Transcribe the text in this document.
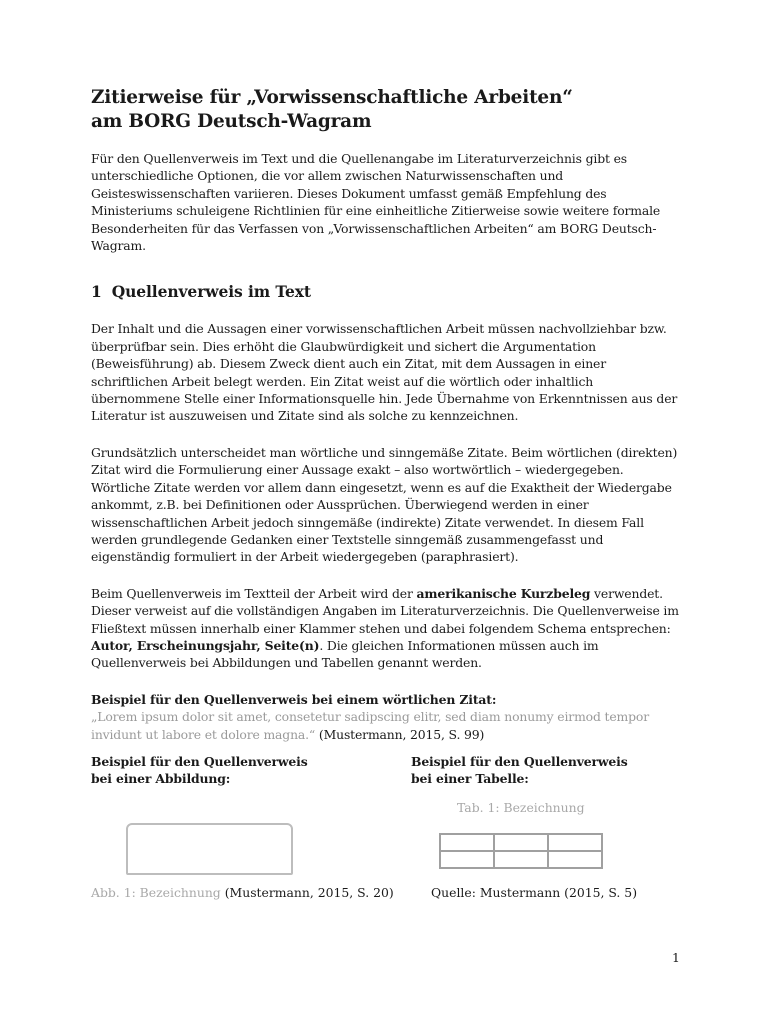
Zitierweise für „Vorwissenschaftliche Arbeiten“
am BORG Deutsch-Wagram

Für den Quellenverweis im Text und die Quellenangabe im Literaturverzeichnis gibt es unterschiedliche Optionen, die vor allem zwischen Naturwissenschaften und Geisteswissenschaften variieren. Dieses Dokument umfasst gemäß Empfehlung des Ministeriums schuleigene Richtlinien für eine einheitliche Zitierweise sowie weitere formale Besonderheiten für das Verfassen von „Vorwissenschaftlichen Arbeiten“ am BORG Deutsch-Wagram.

1 Quellenverweis im Text

Der Inhalt und die Aussagen einer vorwissenschaftlichen Arbeit müssen nachvollziehbar bzw. überprüfbar sein. Dies erhöht die Glaubwürdigkeit und sichert die Argumentation (Beweisführung) ab. Diesem Zweck dient auch ein Zitat, mit dem Aussagen in einer schriftlichen Arbeit belegt werden. Ein Zitat weist auf die wörtlich oder inhaltlich übernommene Stelle einer Informationsquelle hin. Jede Übernahme von Erkenntnissen aus der Literatur ist auszuweisen und Zitate sind als solche zu kennzeichnen.

Grundsätzlich unterscheidet man wörtliche und sinngemäße Zitate. Beim wörtlichen (direkten) Zitat wird die Formulierung einer Aussage exakt – also wortwörtlich – wiedergegeben. Wörtliche Zitate werden vor allem dann eingesetzt, wenn es auf die Exaktheit der Wiedergabe ankommt, z.B. bei Definitionen oder Aussprüchen. Überwiegend werden in einer wissenschaftlichen Arbeit jedoch sinngemäße (indirekte) Zitate verwendet. In diesem Fall werden grundlegende Gedanken einer Textstelle sinngemäß zusammengefasst und eigenständig formuliert in der Arbeit wiedergegeben (paraphrasiert).

Beim Quellenverweis im Textteil der Arbeit wird der amerikanische Kurzbeleg verwendet. Dieser verweist auf die vollständigen Angaben im Literaturverzeichnis. Die Quellenverweise im Fließtext müssen innerhalb einer Klammer stehen und dabei folgendem Schema entsprechen: Autor, Erscheinungsjahr, Seite(n). Die gleichen Informationen müssen auch im Quellenverweis bei Abbildungen und Tabellen genannt werden.

Beispiel für den Quellenverweis bei einem wörtlichen Zitat:

„Lorem ipsum dolor sit amet, consetetur sadipscing elitr, sed diam nonumy eirmod tempor invidunt ut labore et dolore magna.“ (Mustermann, 2015, S. 99)

Beispiel für den Quellenverweis
bei einer Abbildung:
Abb. 1: Bezeichnung (Mustermann, 2015, S. 20)
Beispiel für den Quellenverweis
bei einer Tabelle:
Tab. 1: Bezeichnung

Quelle: Mustermann (2015, S. 5)
1
